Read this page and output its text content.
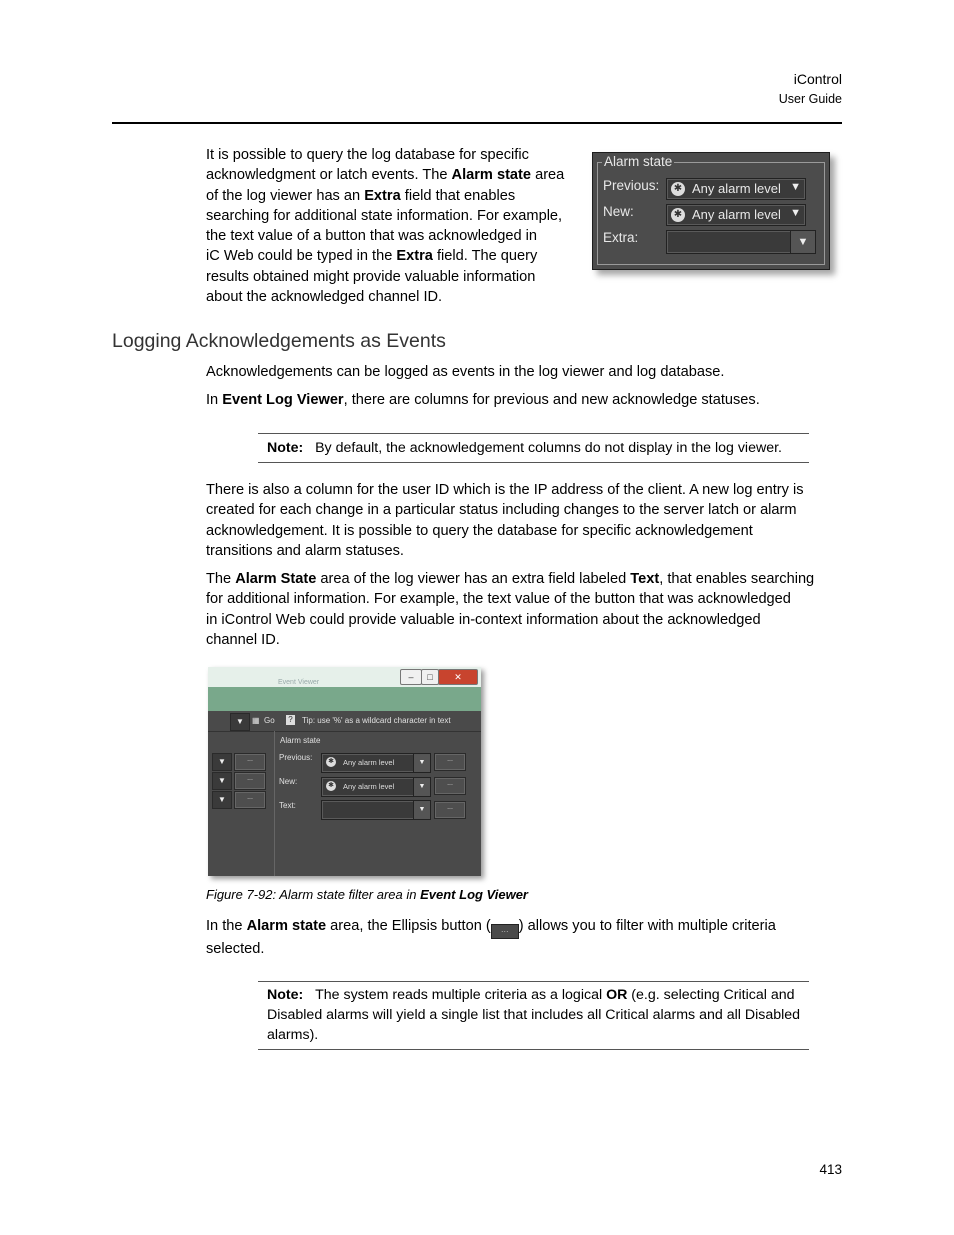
iControl
User Guide
It is possible to query the log database for specific
acknowledgment or latch events. The Alarm state area
of the log viewer has an Extra field that enables
searching for additional state information. For example,
the text value of a button that was acknowledged in
iC Web could be typed in the Extra field. The query
results obtained might provide valuable information
about the acknowledged channel ID.
Alarm state
Previous: ✱ Any alarm level ▼
New:	✱ Any alarm level ▼
Extra:	▼
Logging Acknowledgements as Events
Acknowledgements can be logged as events in the log viewer and log database.
In Event Log Viewer, there are columns for previous and new acknowledge statuses.
Note: By default, the acknowledgement columns do not display in the log viewer.
There is also a column for the user ID which is the IP address of the client. A new log entry is
created for each change in a particular status including changes to the server latch or alarm
acknowledgement. It is possible to query the database for specific acknowledgement
transitions and alarm statuses.
The Alarm State area of the log viewer has an extra field labeled Text, that enables searching
for additional information. For example, the text value of the button that was acknowledged
in iControl Web could provide valuable in-context information about the acknowledged
channel ID.
–	□	✕
Event Viewer
▼	▦ Go ? Tip: use '%' as a wildcard character in text
▼	...
▼	...
▼	...
Alarm state
Previous: ✱ Any alarm level	▼	...
New:	✱ Any alarm level	▼	...
Text:	▼	...
Figure 7-92: Alarm state filter area in Event Log Viewer
In the Alarm state area, the Ellipsis button ( … ) allows you to filter with multiple criteria
selected.
Note: The system reads multiple criteria as a logical OR (e.g. selecting Critical and
Disabled alarms will yield a single list that includes all Critical alarms and all Disabled
alarms).
413
